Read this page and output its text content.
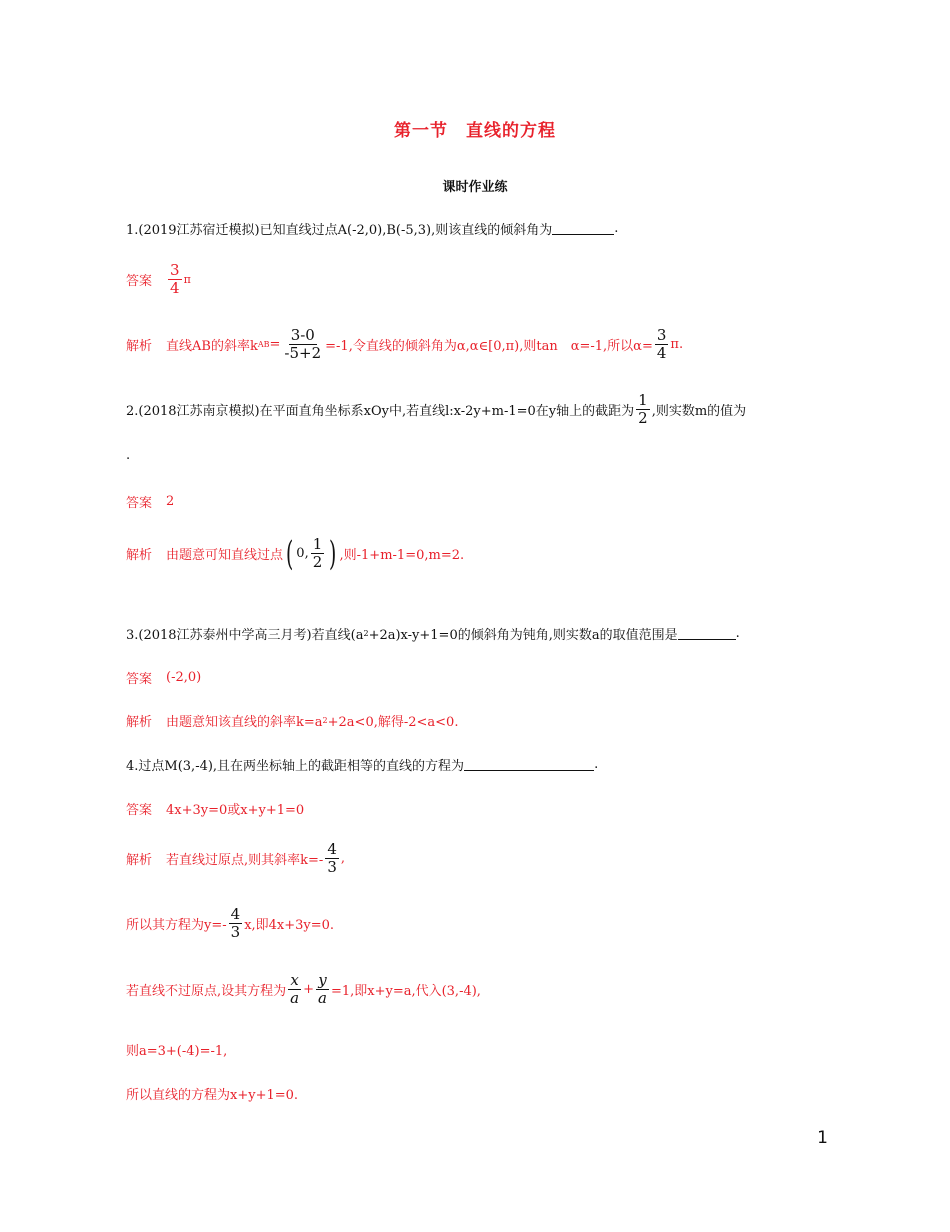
第一节　直线的方程
课时作业练
1.(2019江苏宿迁模拟)已知直线过点A(-2,0),B(-5,3),则该直线的倾斜角为	.
答案 $\frac{3}{4}$ π
解析 直线AB的斜率k AB = $\frac{3-0}{-5+2} =-1$,令直线的倾斜角为α,α∈[0,π),则tan　α=-1,所以$\alpha= \frac{3}{4} \pi$.
2.(2018江苏南京模拟)在平面直角坐标系xOy中,若直线l:x-2y+m-1=0在y轴上的截距为 $\frac{1}{2}$ ,则实数m的值为
.
答案 2
解析 由题意可知直线过点 ( 0, $\frac{1}{2}$ ) ,则-1+m-1=0,m=2.
3.(2018江苏泰州中学高三月考)若直线(a 2 +2a)x-y+1=0的倾斜角为钝角,则实数a的取值范围是	.
答案 (-2,0)
解析 由题意知该直线的斜率k=a 2 +2a<0,解得-2<a<0.
4.过点M(3,-4),且在两坐标轴上的截距相等的直线的方程为	.
答案 4x+3y=0或x+y+1=0
解析 若直线过原点,则其斜率$k=- \frac{4}{3}$ ,
所以其方程为$y=- \frac{4}{3} x$,即4x+3y=0.
若直线不过原点,设其方程为 $\frac{x}{a} + \frac{y}{a} =1$,即x+y=a,代入(3,-4),
则a=3+(-4)=-1,
所以直线的方程为x+y+1=0.
1
